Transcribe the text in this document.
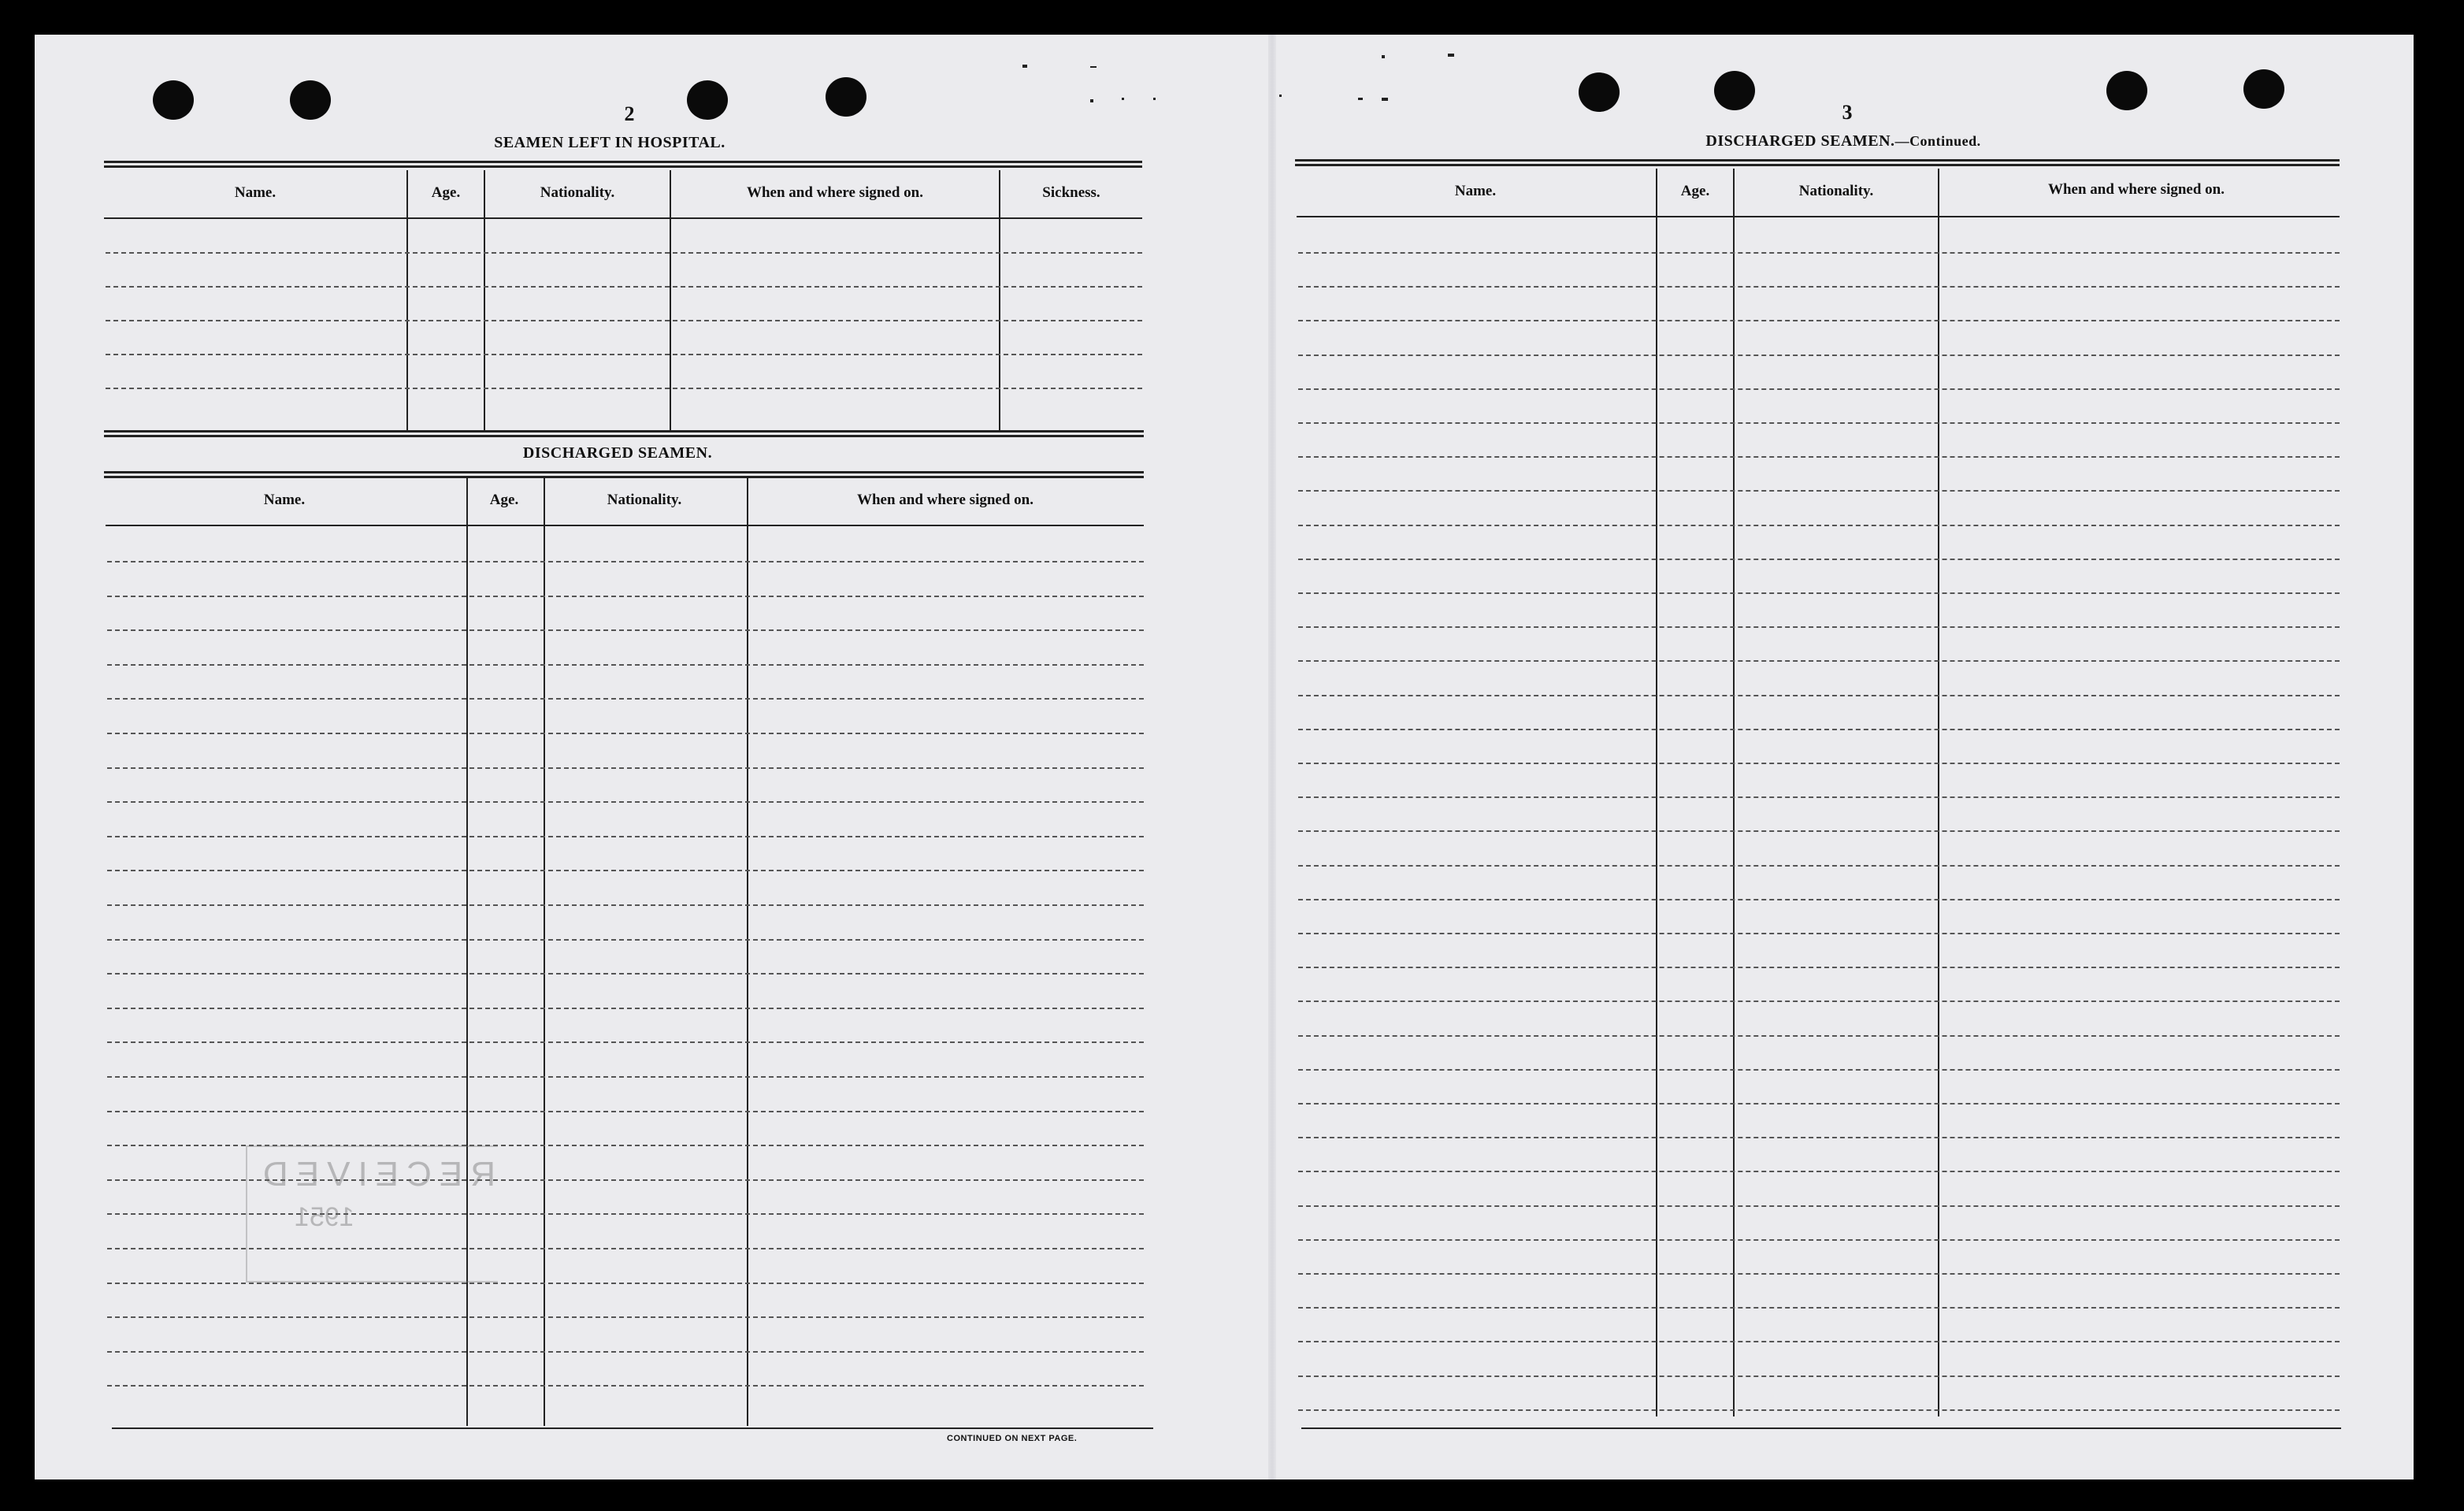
2
SEAMEN LEFT IN HOSPITAL.
Name.	Age.	Nationality.	When and where signed on.	Sickness.
DISCHARGED SEAMEN.
Name.	Age.	Nationality.	When and where signed on.
CONTINUED ON NEXT PAGE.
RECEIVED
1951
3
DISCHARGED SEAMEN.—Continued.
Name.	Age.	Nationality.	When and where signed on.
